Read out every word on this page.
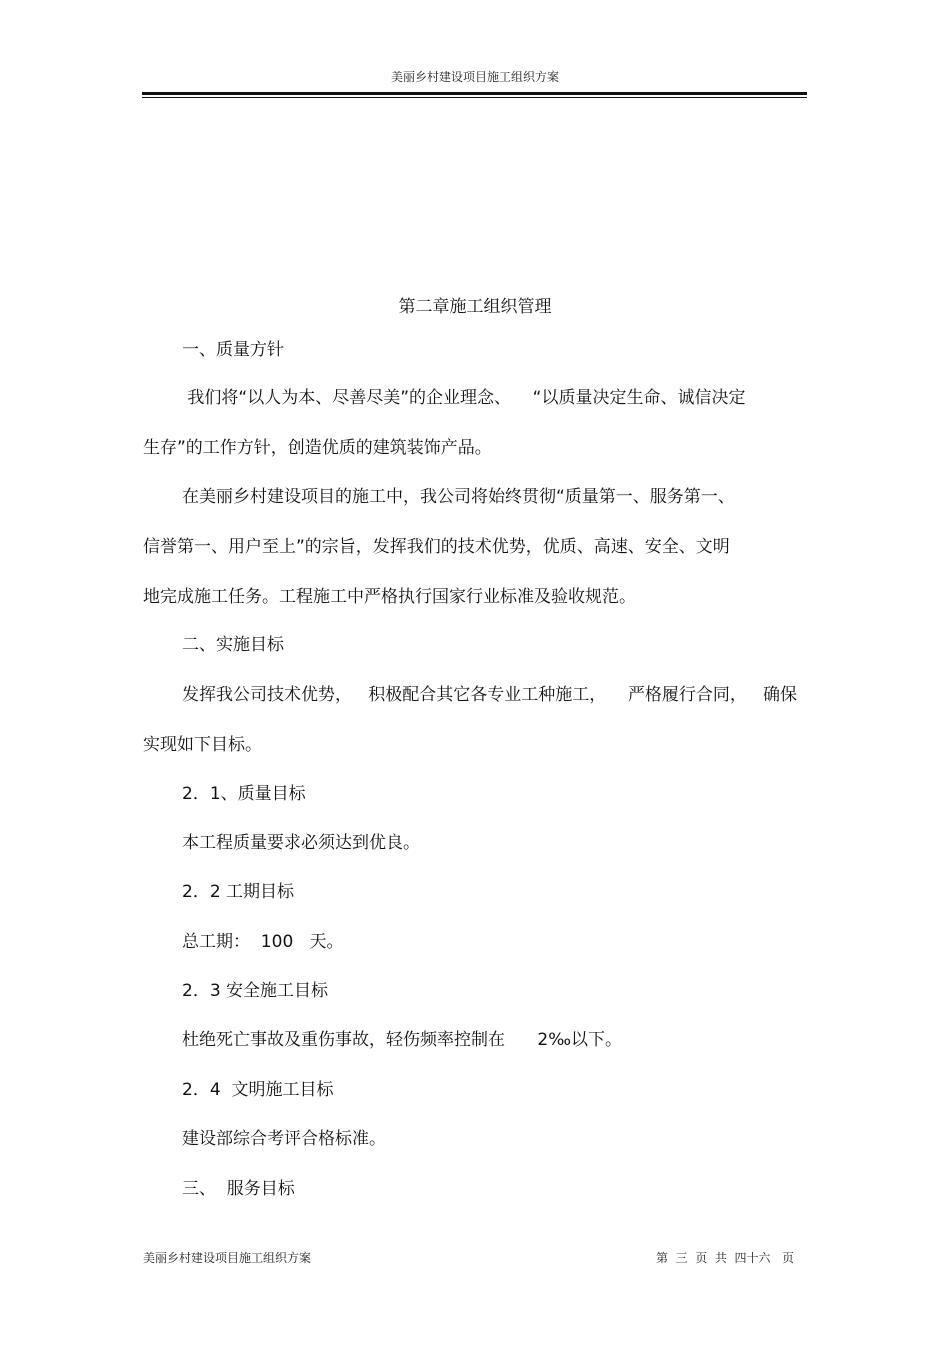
美丽乡村建设项目施工组织方案
第二章施工组织管理
一、质量方针
我们将“以人为本、尽善尽美”的企业理念、    “以质量决定生命、诚信决定
生存”的工作方针，创造优质的建筑装饰产品。
在美丽乡村建设项目的施工中，我公司将始终贯彻“质量第一、服务第一、
信誉第一、用户至上”的宗旨，发挥我们的技术优势，优质、高速、安全、文明
地完成施工任务。工程施工中严格执行国家行业标准及验收规范。
二、实施目标
发挥我公司技术优势，   积极配合其它各专业工种施工，    严格履行合同，   确保
实现如下目标。
2．1、质量目标
本工程质量要求必须达到优良。
2．2 工期目标
总工期：  100   天。
2．3 安全施工目标
杜绝死亡事故及重伤事故，轻伤频率控制在      2‰以下。
2．4  文明施工目标
建设部综合考评合格标准。
三、  服务目标
美丽乡村建设项目施工组织方案	第  三  页  共  四十六   页
